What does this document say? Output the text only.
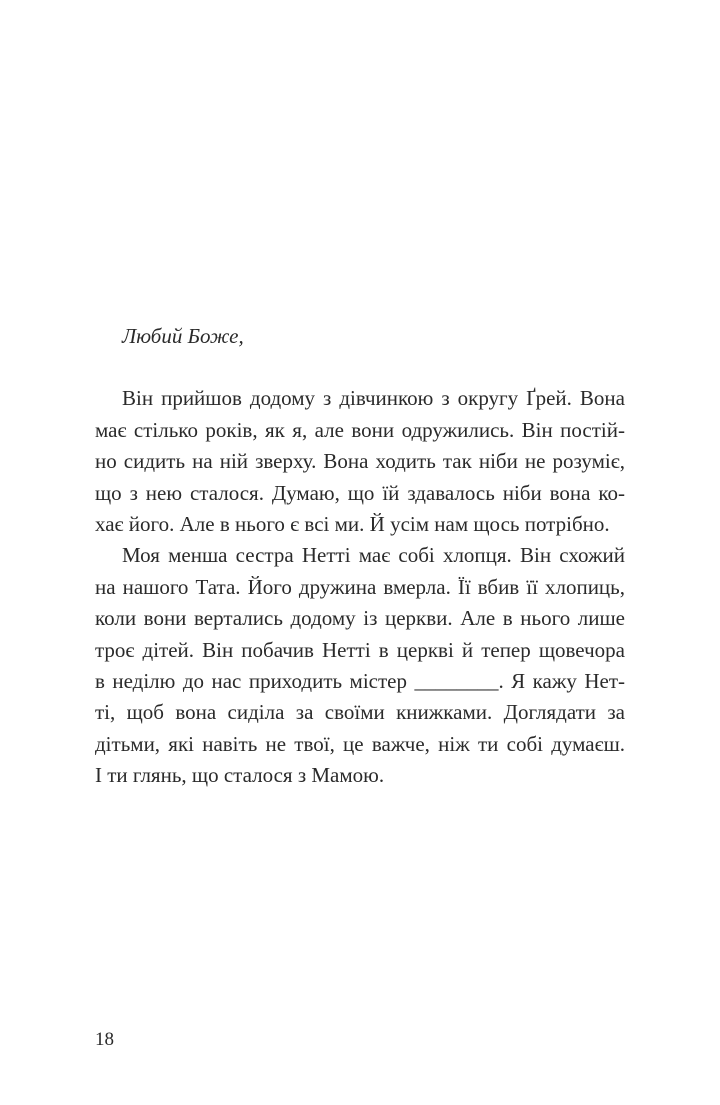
Любий Боже,
Він прийшов додому з дівчинкою з округу Ґрей. Вона
має стілько років, як я, але вони одружились. Він постій-
но сидить на ній зверху. Вона ходить так ніби не розуміє,
що з нею сталося. Думаю, що їй здавалось ніби вона ко-
хає його. Але в нього є всі ми. Й усім нам щось потрібно.
Моя менша сестра Нетті має собі хлопця. Він схожий
на нашого Тата. Його дружина вмерла. Її вбив її хлопиць,
коли вони вертались додому із церкви. Але в нього лише
троє дітей. Він побачив Нетті в церкві й тепер щовечора
в неділю до нас приходить містер ________. Я кажу Нет-
ті, щоб вона сиділа за своїми книжками. Доглядати за
дітьми, які навіть не твої, це важче, ніж ти собі думаєш.
І ти глянь, що сталося з Мамою.
18
